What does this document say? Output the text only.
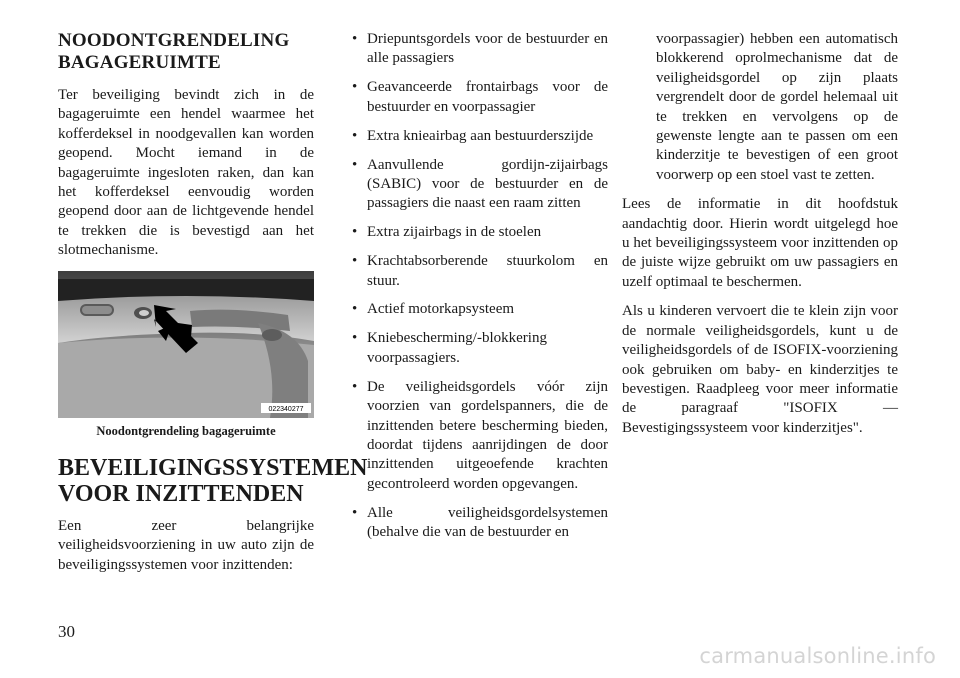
NOODONTGRENDELING BAGAGERUIMTE

Ter beveiliging bevindt zich in de bagageruimte een hendel waarmee het kofferdeksel in noodgevallen kan worden geopend. Mocht iemand in de bagageruimte ingesloten raken, dan kan het kofferdeksel eenvoudig worden geopend door aan de lichtgevende hendel te trekken die is bevestigd aan het slotmechanisme.

022340277

Noodontgrendeling bagageruimte

BEVEILIGINGSSYSTEMEN VOOR INZITTENDEN

Een zeer belangrijke veiligheidsvoorziening in uw auto zijn de beveiligingssystemen voor inzittenden:

• Driepuntsgordels voor de bestuurder en alle passagiers
• Geavanceerde frontairbags voor de bestuurder en voorpassagier
• Extra knieairbag aan bestuurderszijde
• Aanvullende gordijn-zijairbags (SABIC) voor de bestuurder en de passagiers die naast een raam zitten
• Extra zijairbags in de stoelen
• Krachtabsorberende stuurkolom en stuur.
• Actief motorkapsysteem
• Kniebescherming/-blokkering voorpassagiers.
• De veiligheidsgordels vóór zijn voorzien van gordelspanners, die de inzittenden betere bescherming bieden, doordat tijdens aanrijdingen de door inzittenden uitgeoefende krachten gecontroleerd worden opgevangen.
• Alle veiligheidsgordelsystemen (behalve die van de bestuurder en

voorpassagier) hebben een automatisch blokkerend oprolmechanisme dat de veiligheidsgordel op zijn plaats vergrendelt door de gordel helemaal uit te trekken en vervolgens op de gewenste lengte aan te passen om een kinderzitje te bevestigen of een groot voorwerp op een stoel vast te zetten.

Lees de informatie in dit hoofdstuk aandachtig door. Hierin wordt uitgelegd hoe u het beveiligingssysteem voor inzittenden op de juiste wijze gebruikt om uw passagiers en uzelf optimaal te beschermen.

Als u kinderen vervoert die te klein zijn voor de normale veiligheidsgordels, kunt u de veiligheidsgordels of de ISOFIX-voorziening ook gebruiken om baby- en kinderzitjes te bevestigen. Raadpleeg voor meer informatie de paragraaf "ISOFIX — Bevestigingssysteem voor kinderzitjes".

30
carmanualsonline.info
